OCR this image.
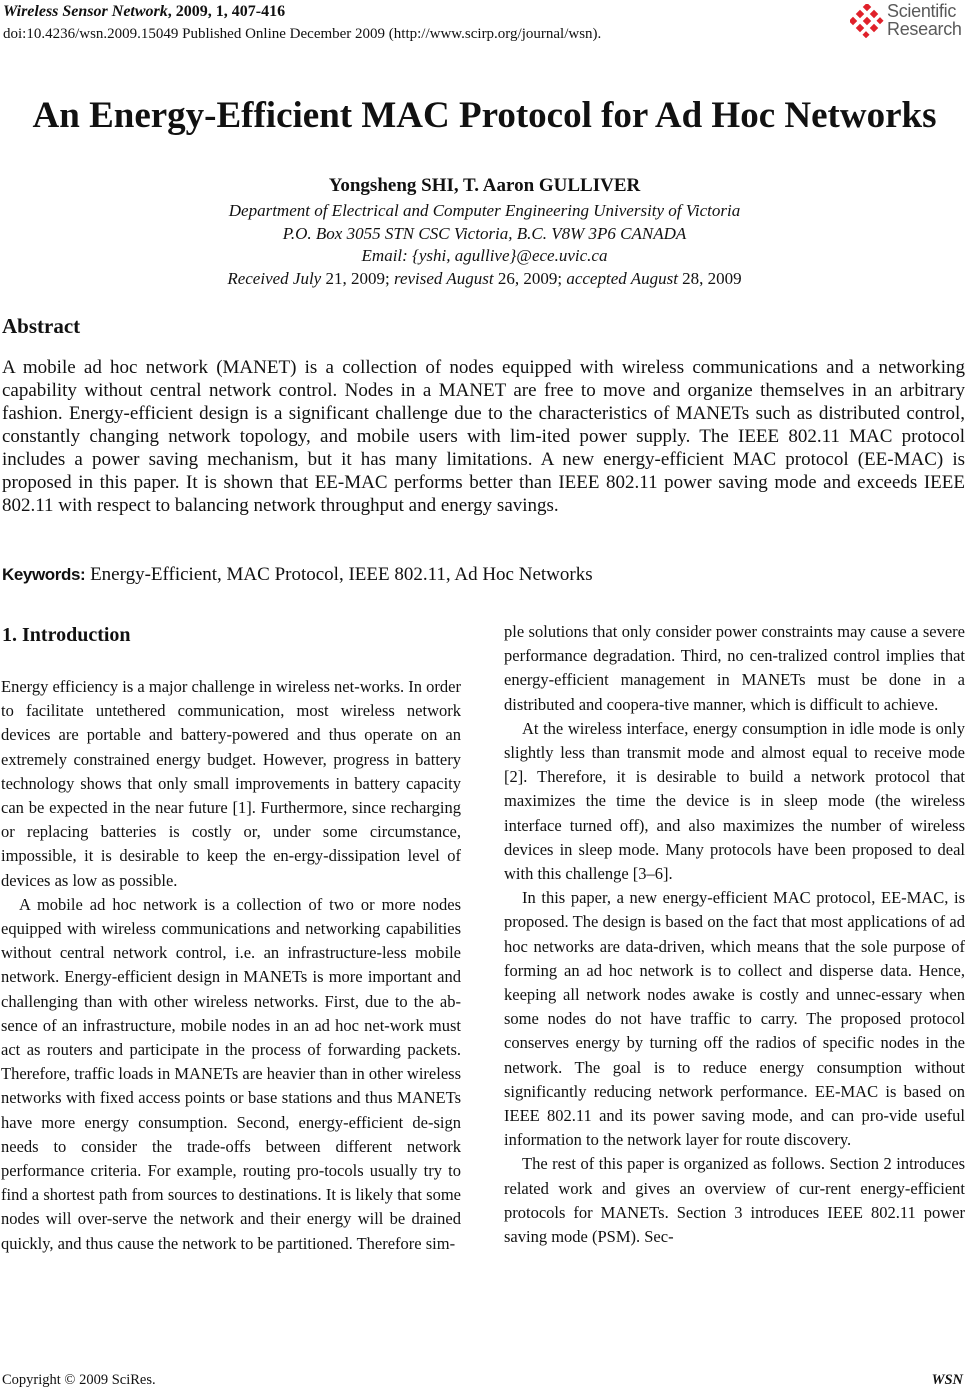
Wireless Sensor Network, 2009, 1, 407-416
doi:10.4236/wsn.2009.15049 Published Online December 2009 (http://www.scirp.org/journal/wsn).
Scientific
Research
An Energy-Efficient MAC Protocol for Ad Hoc Networks
Yongsheng SHI, T. Aaron GULLIVER
Department of Electrical and Computer Engineering University of Victoria
P.O. Box 3055 STN CSC Victoria, B.C. V8W 3P6 CANADA
Email: {yshi, agullive}@ece.uvic.ca
Received July 21, 2009; revised August 26, 2009; accepted August 28, 2009
Abstract

A mobile ad hoc network (MANET) is a collection of nodes equipped with wireless communications and a networking capability without central network control. Nodes in a MANET are free to move and organize themselves in an arbitrary fashion. Energy-efficient design is a significant challenge due to the characteristics of MANETs such as distributed control, constantly changing network topology, and mobile users with lim-ited power supply. The IEEE 802.11 MAC protocol includes a power saving mechanism, but it has many limitations. A new energy-efficient MAC protocol (EE-MAC) is proposed in this paper. It is shown that EE-MAC performs better than IEEE 802.11 power saving mode and exceeds IEEE 802.11 with respect to balancing network throughput and energy savings.

Keywords: Energy-Efficient, MAC Protocol, IEEE 802.11, Ad Hoc Networks
1. Introduction

Energy efficiency is a major challenge in wireless net-works. In order to facilitate untethered communication, most wireless network devices are portable and battery-powered and thus operate on an extremely constrained energy budget. However, progress in battery technology shows that only small improvements in battery capacity can be expected in the near future [1]. Furthermore, since recharging or replacing batteries is costly or, under some circumstance, impossible, it is desirable to keep the en-ergy-dissipation level of devices as low as possible.

A mobile ad hoc network is a collection of two or more nodes equipped with wireless communications and networking capabilities without central network control, i.e. an infrastructure-less mobile network. Energy-efficient design in MANETs is more important and challenging than with other wireless networks. First, due to the ab-sence of an infrastructure, mobile nodes in an ad hoc net-work must act as routers and participate in the process of forwarding packets. Therefore, traffic loads in MANETs are heavier than in other wireless networks with fixed access points or base stations and thus MANETs have more energy consumption. Second, energy-efficient de-sign needs to consider the trade-offs between different network performance criteria. For example, routing pro-tocols usually try to find a shortest path from sources to destinations. It is likely that some nodes will over-serve the network and their energy will be drained quickly, and thus cause the network to be partitioned. Therefore sim-

ple solutions that only consider power constraints may cause a severe performance degradation. Third, no cen-tralized control implies that energy-efficient management in MANETs must be done in a distributed and coopera-tive manner, which is difficult to achieve.

At the wireless interface, energy consumption in idle mode is only slightly less than transmit mode and almost equal to receive mode [2]. Therefore, it is desirable to build a network protocol that maximizes the time the device is in sleep mode (the wireless interface turned off), and also maximizes the number of wireless devices in sleep mode. Many protocols have been proposed to deal with this challenge [3–6].

In this paper, a new energy-efficient MAC protocol, EE-MAC, is proposed. The design is based on the fact that most applications of ad hoc networks are data-driven, which means that the sole purpose of forming an ad hoc network is to collect and disperse data. Hence, keeping all network nodes awake is costly and unnec-essary when some nodes do not have traffic to carry. The proposed protocol conserves energy by turning off the radios of specific nodes in the network. The goal is to reduce energy consumption without significantly reducing network performance. EE-MAC is based on IEEE 802.11 and its power saving mode, and can pro-vide useful information to the network layer for route discovery.

The rest of this paper is organized as follows. Section 2 introduces related work and gives an overview of cur-rent energy-efficient protocols for MANETs. Section 3 introduces IEEE 802.11 power saving mode (PSM). Sec-

Copyright © 2009 SciRes.	WSN
